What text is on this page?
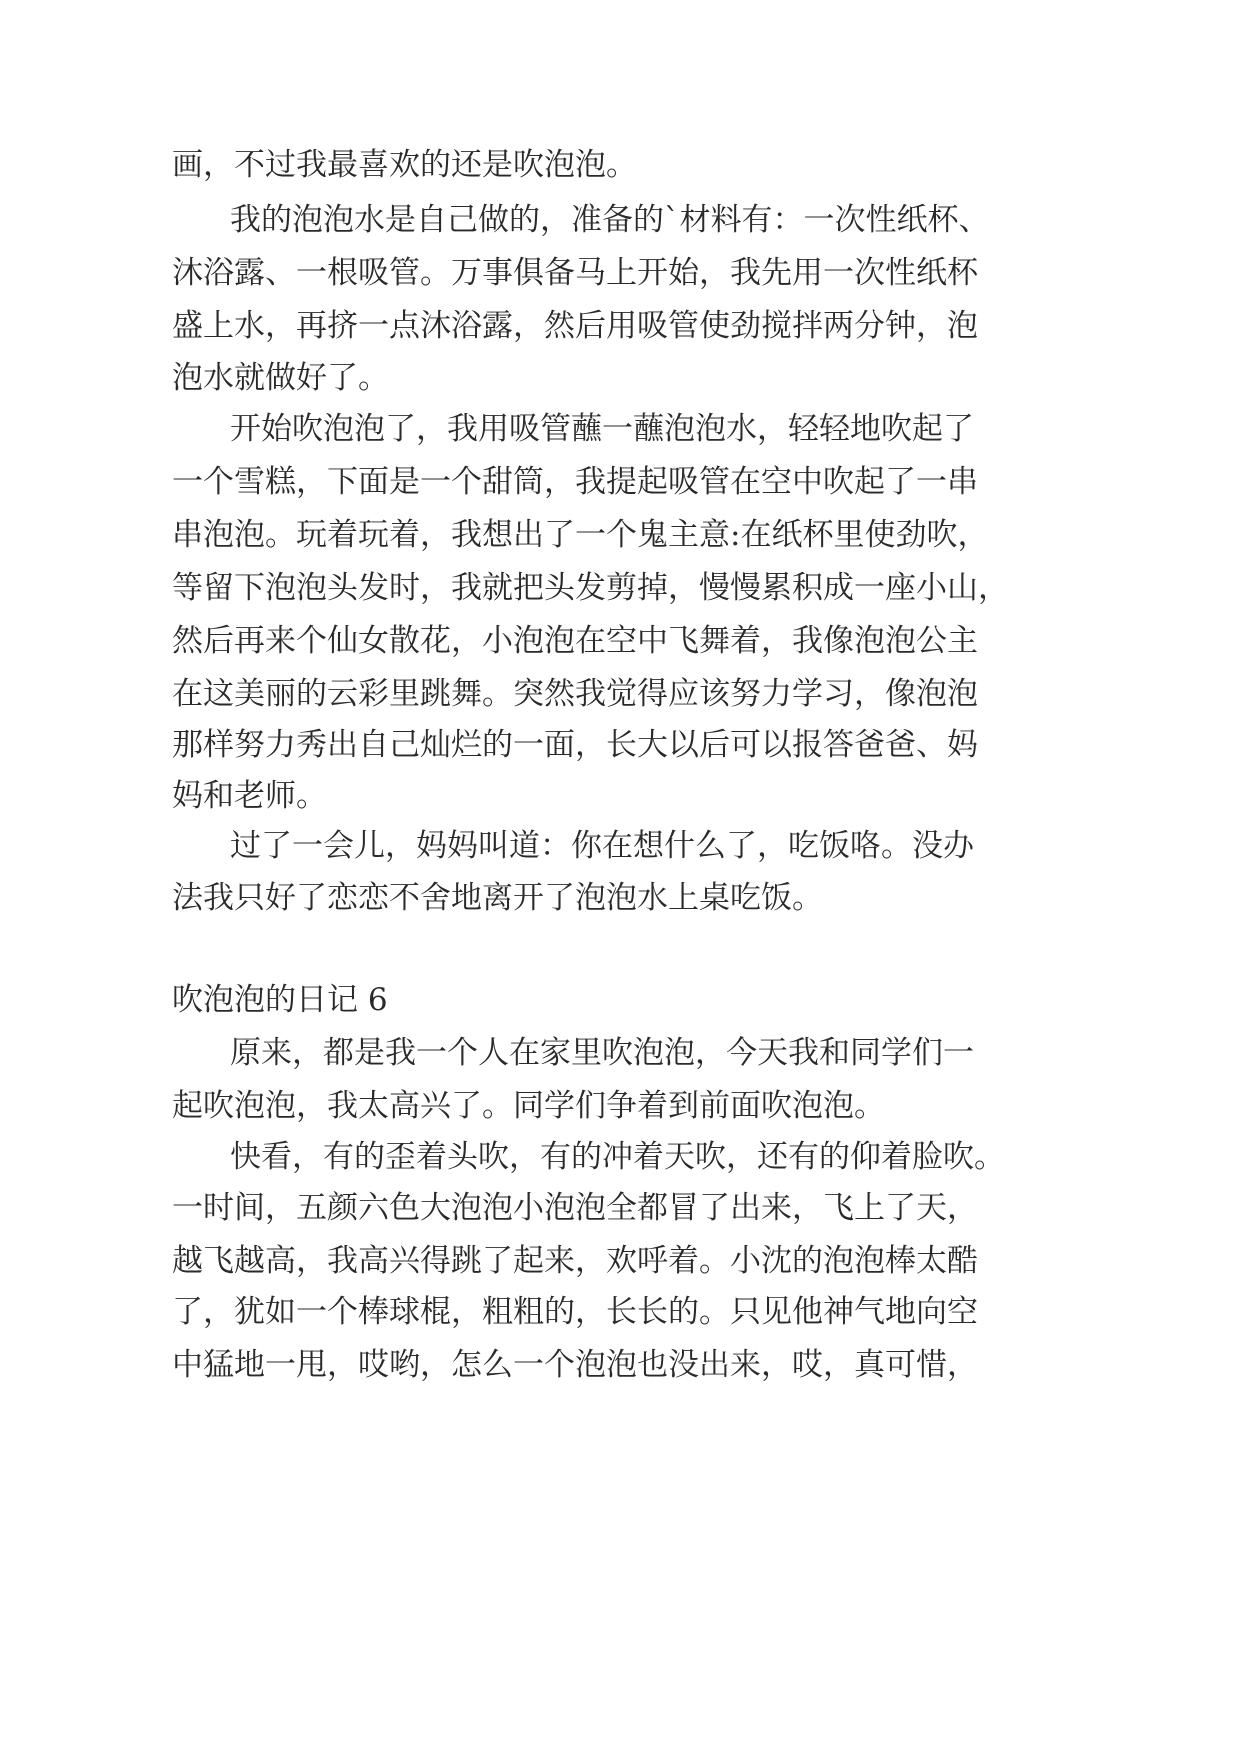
画，不过我最喜欢的还是吹泡泡。

我的泡泡水是自己做的，准备的`材料有：一次性纸杯、

沐浴露、一根吸管。万事俱备马上开始，我先用一次性纸杯

盛上水，再挤一点沐浴露，然后用吸管使劲搅拌两分钟，泡

泡水就做好了。

开始吹泡泡了，我用吸管蘸一蘸泡泡水，轻轻地吹起了

一个雪糕，下面是一个甜筒，我提起吸管在空中吹起了一串

串泡泡。玩着玩着，我想出了一个鬼主意:在纸杯里使劲吹，

等留下泡泡头发时，我就把头发剪掉，慢慢累积成一座小山，

然后再来个仙女散花，小泡泡在空中飞舞着，我像泡泡公主

在这美丽的云彩里跳舞。突然我觉得应该努力学习，像泡泡

那样努力秀出自己灿烂的一面，长大以后可以报答爸爸、妈

妈和老师。

过了一会儿，妈妈叫道：你在想什么了，吃饭咯。没办

法我只好了恋恋不舍地离开了泡泡水上桌吃饭。

吹泡泡的日记 6

原来，都是我一个人在家里吹泡泡，今天我和同学们一

起吹泡泡，我太高兴了。同学们争着到前面吹泡泡。

快看，有的歪着头吹，有的冲着天吹，还有的仰着脸吹。

一时间，五颜六色大泡泡小泡泡全都冒了出来，飞上了天，

越飞越高，我高兴得跳了起来，欢呼着。小沈的泡泡棒太酷

了，犹如一个棒球棍，粗粗的，长长的。只见他神气地向空

中猛地一甩，哎哟，怎么一个泡泡也没出来，哎，真可惜，
